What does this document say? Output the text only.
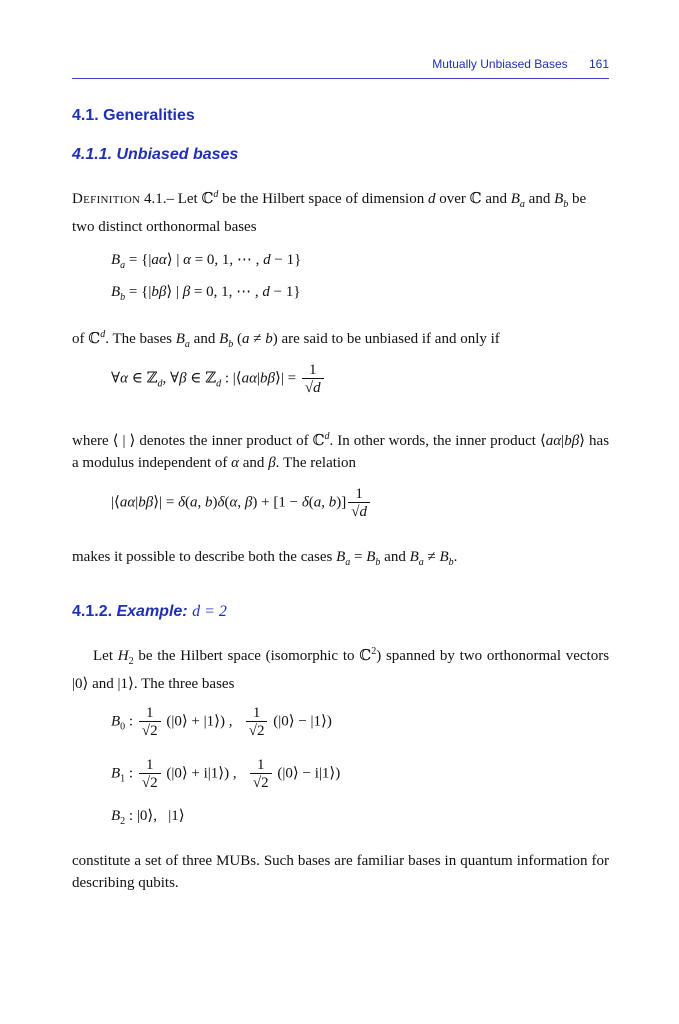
Mutually Unbiased Bases 161
4.1. Generalities
4.1.1. Unbiased bases
Definition 4.1.– Let ℂ$^d$ be the Hilbert space of dimension d over ℂ and $B_a$ and $B_b$ be two distinct orthonormal bases
$B_a$ = {|aα⟩ | α = 0, 1, ⋯ , d − 1}
$B_b$ = {|bβ⟩ | β = 0, 1, ⋯ , d − 1}
of ℂ$^d$. The bases $B_a$ and $B_b$ (a ≠ b) are said to be unbiased if and only if
∀α ∈ ℤ$_d$, ∀β ∈ ℤ$_d$ : |⟨aα|bβ⟩| = $\frac{1}{√d}$
where ⟨ | ⟩ denotes the inner product of ℂ$^d$. In other words, the inner product ⟨aα|bβ⟩ has a modulus independent of α and β. The relation
|⟨aα|bβ⟩| = δ(a, b)δ(α, β) + [1 − δ(a, $b)] \frac{1}{√d}$
makes it possible to describe both the cases $B_a = B_b$ and $B_a \ne B_b$.
4.1.2. Example: d = 2
Let $H_2$ be the Hilbert space (isomorphic to ℂ$^2$) spanned by two orthonormal vectors |0⟩ and |1⟩. The three bases
$B_0$ : $\frac{1}{√2}$ (|0⟩ + |1⟩) , $\frac{1}{√2}$ (|0⟩ − |1⟩)
$B_1$ : $\frac{1}{√2}$ (|0⟩ + i|1⟩) , $\frac{1}{√2}$ (|0⟩ − i|1⟩)
$B_2$ : |0⟩,   |1⟩
constitute a set of three MUBs. Such bases are familiar bases in quantum information for describing qubits.
